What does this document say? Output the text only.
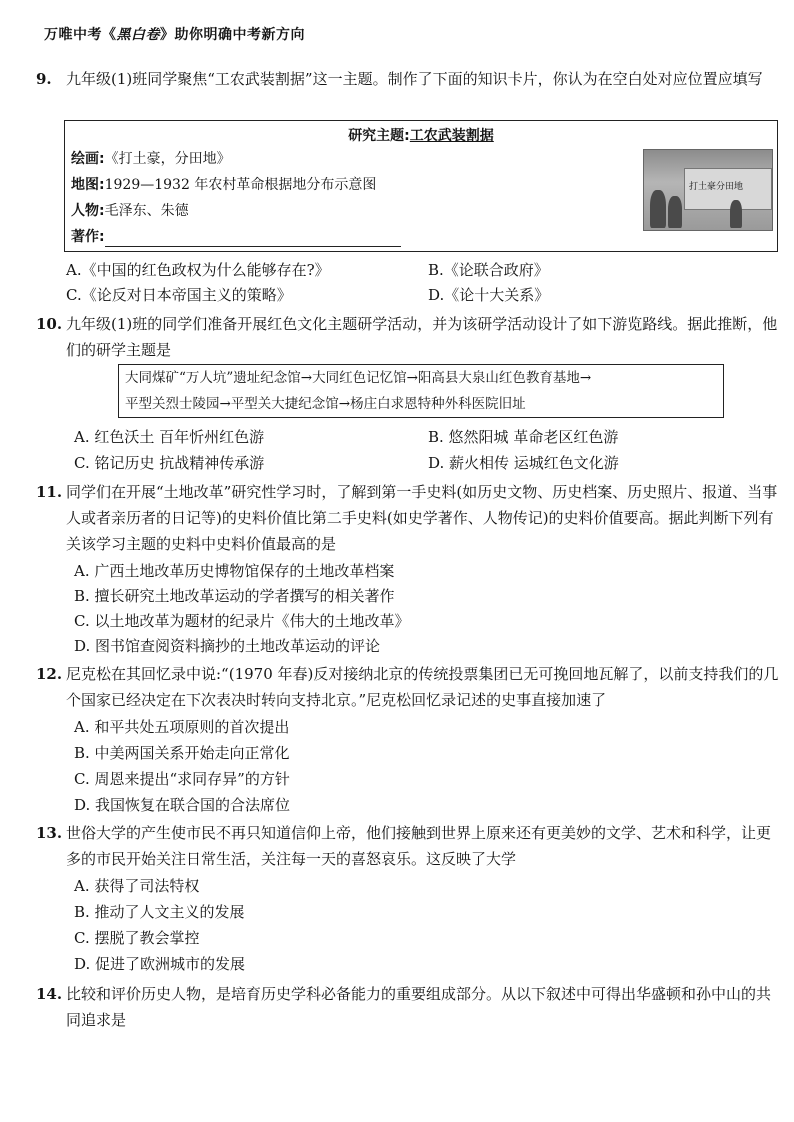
万唯中考《黑白卷》助你明确中考新方向
9. 九年级(1)班同学聚焦“工农武装割据”这一主题。制作了下面的知识卡片，你认为在空白处对应位置应填写
研究主题:工农武装割据
绘画:《打土豪，分田地》
地图:1929—1932 年农村革命根据地分布示意图
人物:毛泽东、朱德
著作:
打土豪分田地
A.《中国的红色政权为什么能够存在?》	B.《论联合政府》
C.《论反对日本帝国主义的策略》	D.《论十大关系》
10. 九年级(1)班的同学们准备开展红色文化主题研学活动，并为该研学活动设计了如下游览路线。据此推断，他们的研学主题是
大同煤矿“万人坑”遗址纪念馆→大同红色记忆馆→阳高县大泉山红色教育基地→
平型关烈士陵园→平型关大捷纪念馆→杨庄白求恩特种外科医院旧址
A. 红色沃土 百年忻州红色游	B. 悠然阳城 革命老区红色游
C. 铭记历史 抗战精神传承游	D. 薪火相传 运城红色文化游
11. 同学们在开展“土地改革”研究性学习时，了解到第一手史料(如历史文物、历史档案、历史照片、报道、当事人或者亲历者的日记等)的史料价值比第二手史料(如史学著作、人物传记)的史料价值要高。据此判断下列有关该学习主题的史料中史料价值最高的是
A. 广西土地改革历史博物馆保存的土地改革档案
B. 擅长研究土地改革运动的学者撰写的相关著作
C. 以土地改革为题材的纪录片《伟大的土地改革》
D. 图书馆查阅资料摘抄的土地改革运动的评论
12. 尼克松在其回忆录中说:“(1970 年春)反对接纳北京的传统投票集团已无可挽回地瓦解了，以前支持我们的几个国家已经决定在下次表决时转向支持北京。”尼克松回忆录记述的史事直接加速了
A. 和平共处五项原则的首次提出
B. 中美两国关系开始走向正常化
C. 周恩来提出“求同存异”的方针
D. 我国恢复在联合国的合法席位
13. 世俗大学的产生使市民不再只知道信仰上帝，他们接触到世界上原来还有更美妙的文学、艺术和科学，让更多的市民开始关注日常生活，关注每一天的喜怒哀乐。这反映了大学
A. 获得了司法特权
B. 推动了人文主义的发展
C. 摆脱了教会掌控
D. 促进了欧洲城市的发展
14. 比较和评价历史人物，是培育历史学科必备能力的重要组成部分。从以下叙述中可得出华盛顿和孙中山的共同追求是
